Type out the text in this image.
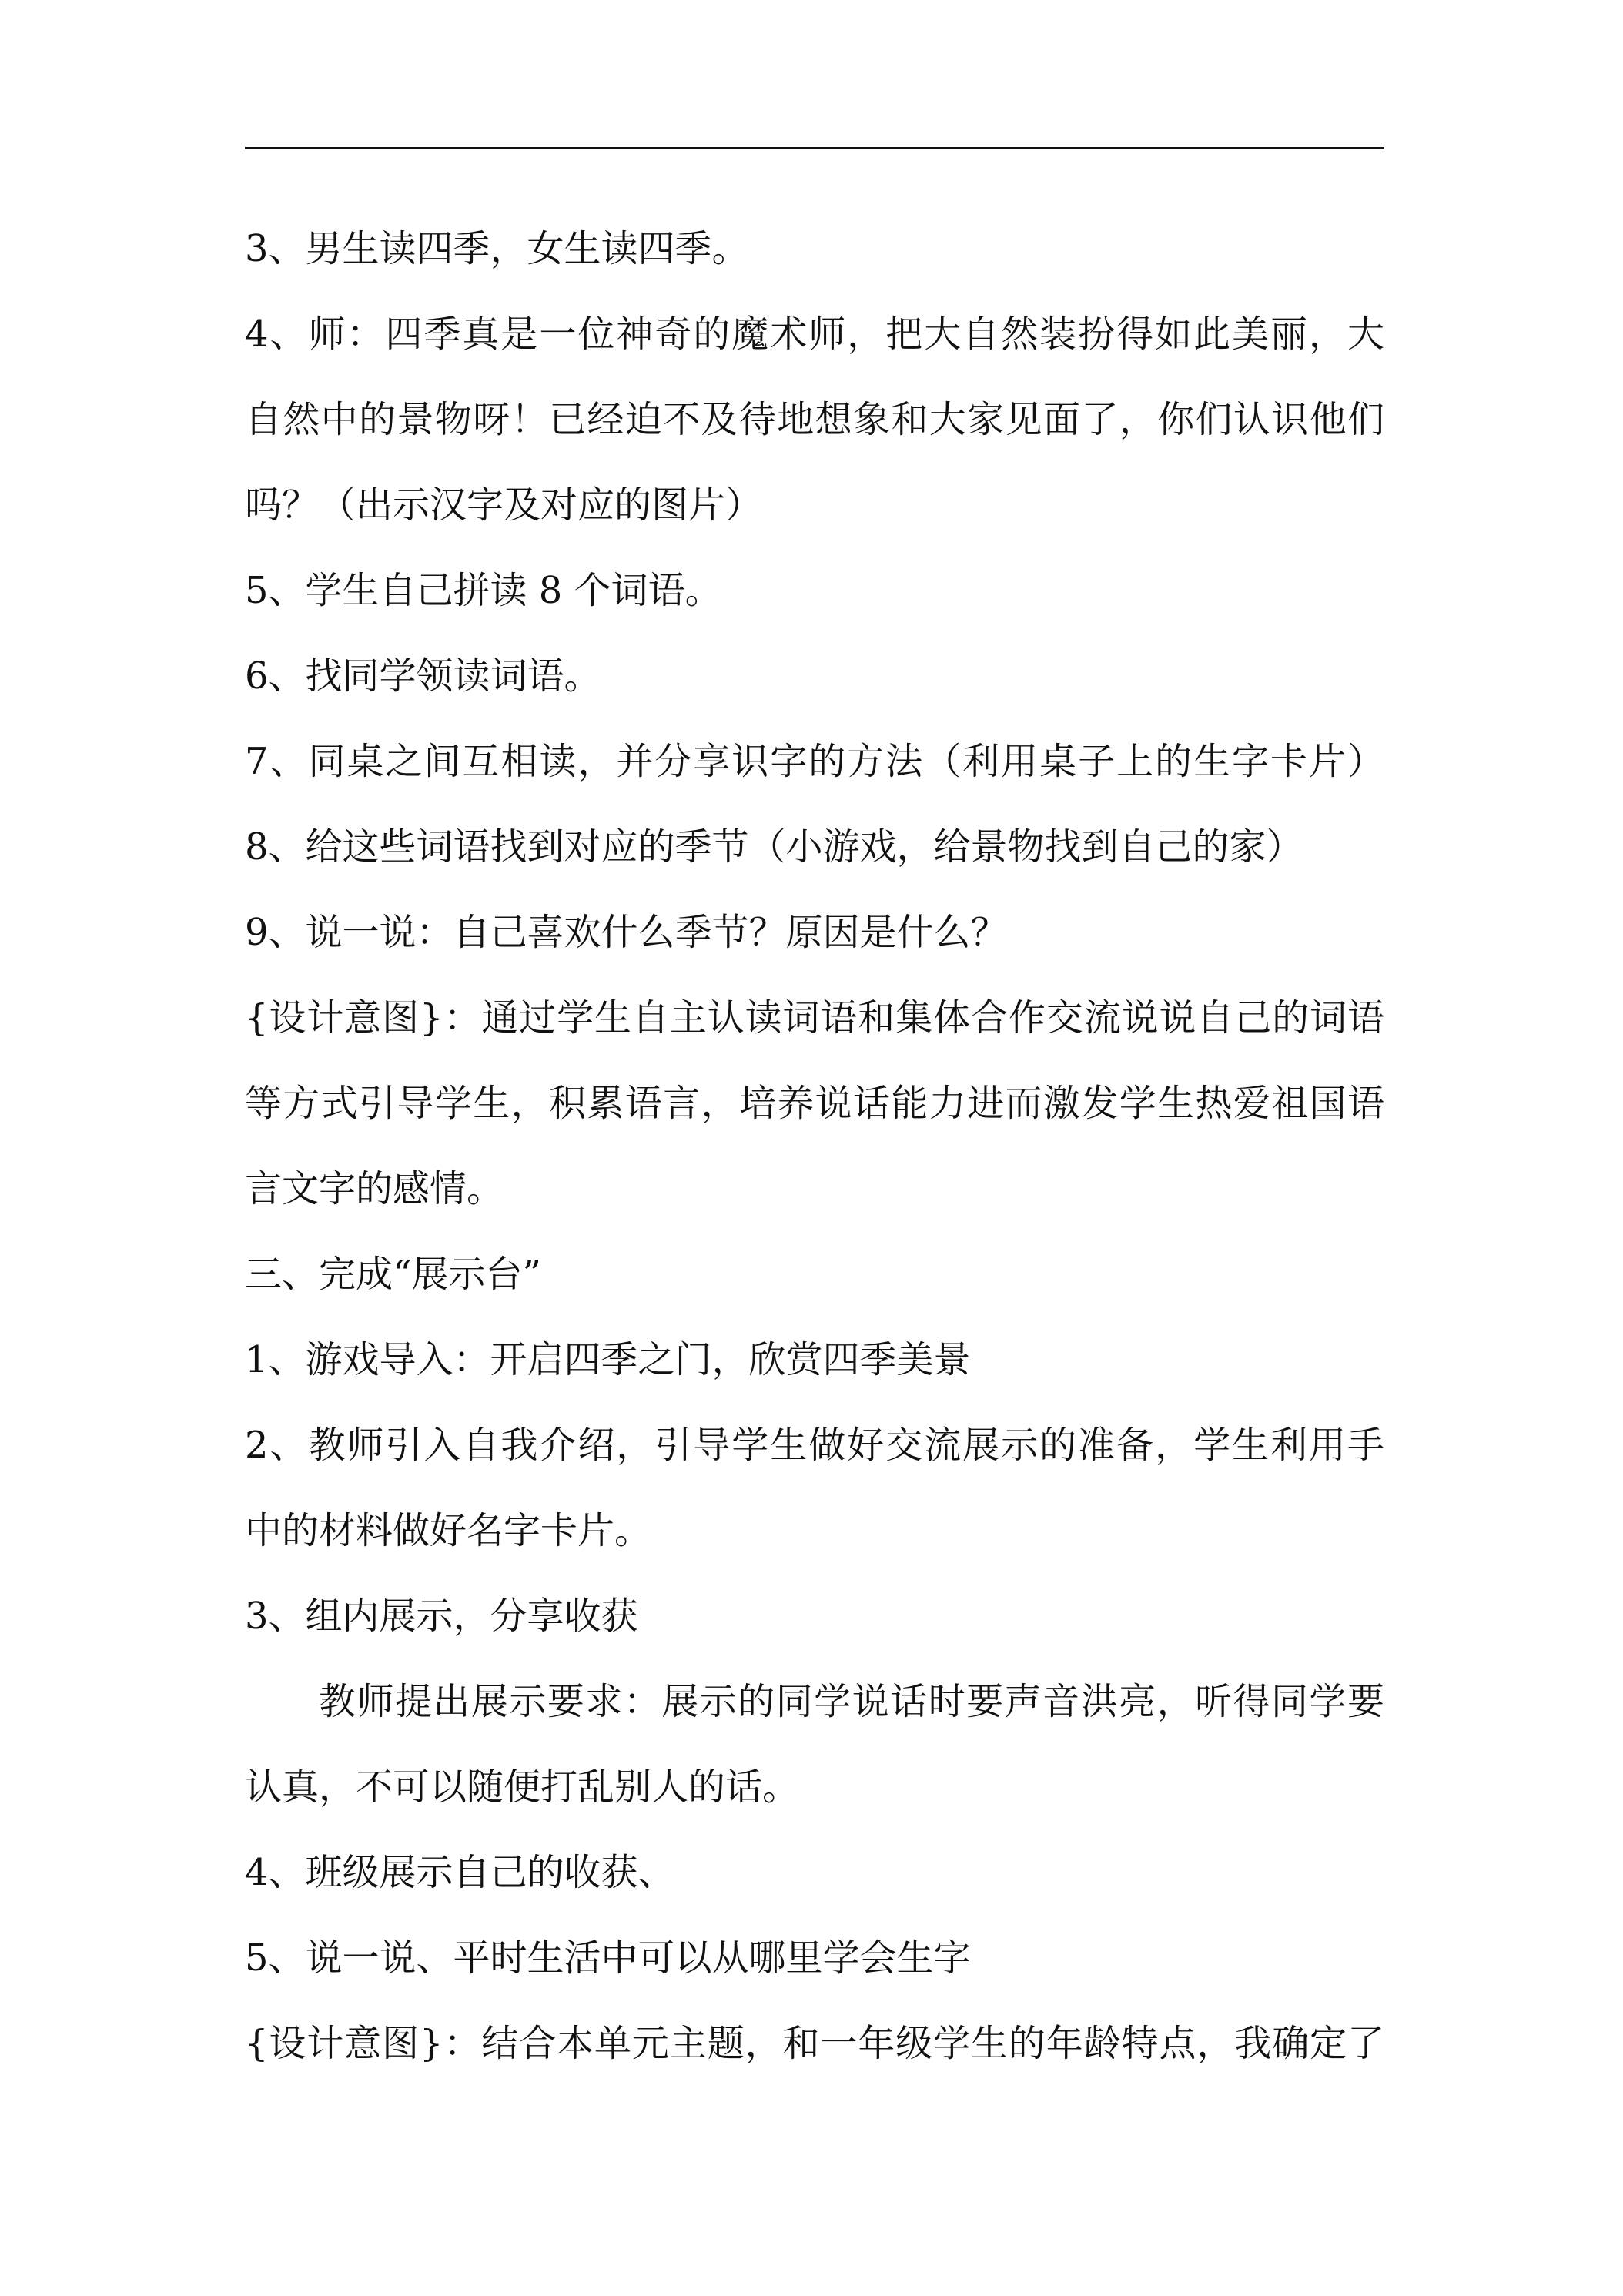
3、男生读四季，女生读四季。
4、师：四季真是一位神奇的魔术师，把大自然装扮得如此美丽，大
自然中的景物呀！已经迫不及待地想象和大家见面了，你们认识他们
吗？（出示汉字及对应的图片）
5、学生自己拼读 8 个词语。
6、找同学领读词语。
7、同桌之间互相读，并分享识字的方法（利用桌子上的生字卡片）
8、给这些词语找到对应的季节（小游戏，给景物找到自己的家）
9、说一说：自己喜欢什么季节？原因是什么？
{设计意图}：通过学生自主认读词语和集体合作交流说说自己的词语
等方式引导学生，积累语言，培养说话能力进而激发学生热爱祖国语
言文字的感情。
三、完成“展示台”
1、游戏导入：开启四季之门，欣赏四季美景
2、教师引入自我介绍，引导学生做好交流展示的准备，学生利用手
中的材料做好名字卡片。
3、组内展示，分享收获
教师提出展示要求：展示的同学说话时要声音洪亮，听得同学要
认真，不可以随便打乱别人的话。
4、班级展示自己的收获、
5、说一说、平时生活中可以从哪里学会生字
{设计意图}：结合本单元主题，和一年级学生的年龄特点，我确定了
